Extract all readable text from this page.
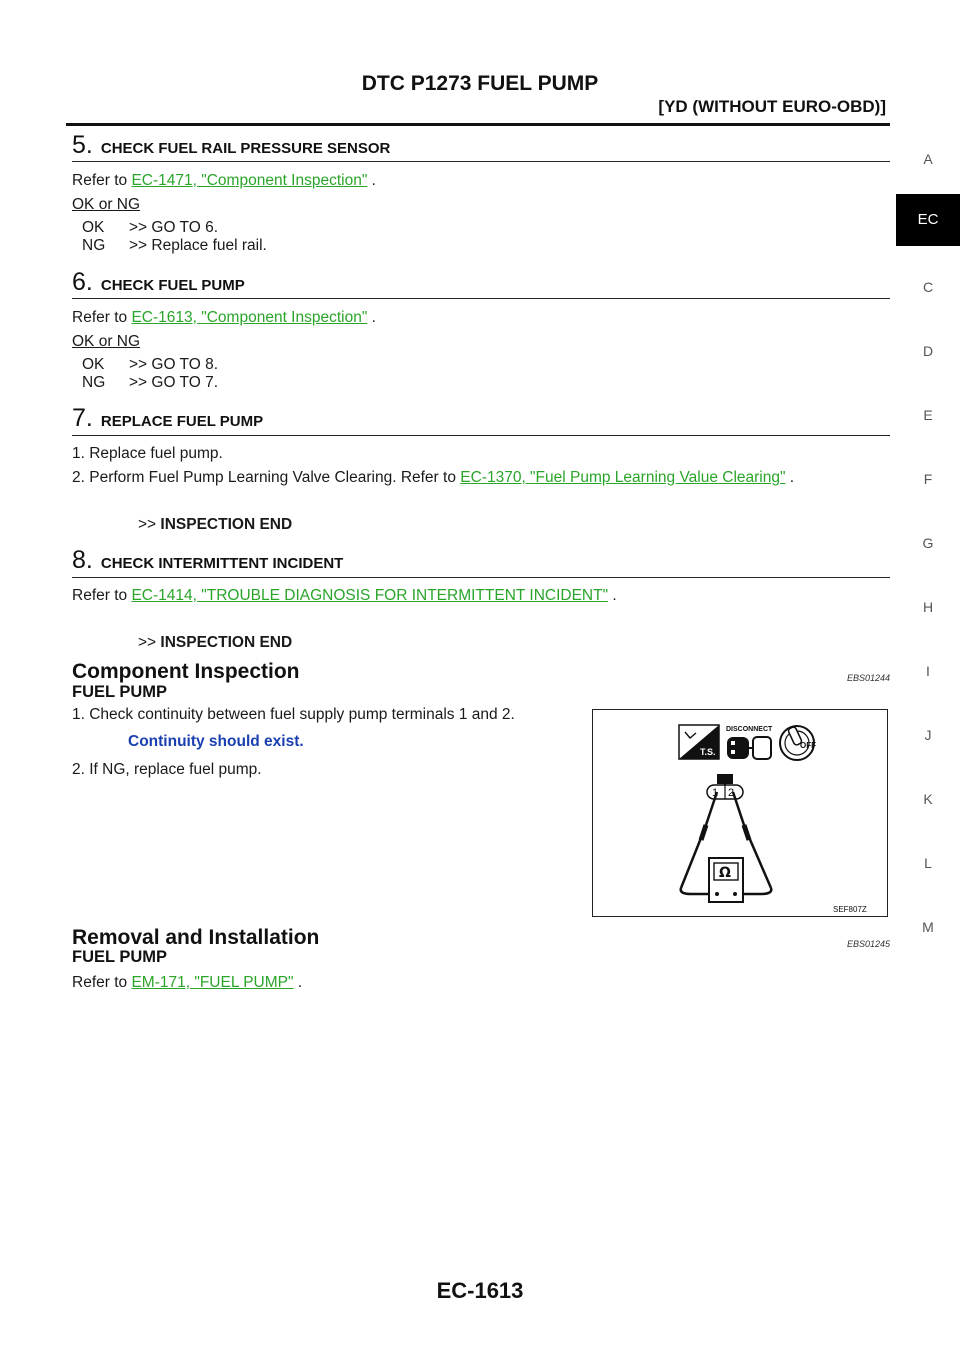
DTC P1273 FUEL PUMP
[YD (WITHOUT EURO-OBD)]
A
EC
C
D
E
F
G
H
I
J
K
L
M
5. CHECK FUEL RAIL PRESSURE SENSOR
Refer to EC-1471, "Component Inspection" .
OK or NG
OK >> GO TO 6.
NG >> Replace fuel rail.
6. CHECK FUEL PUMP
Refer to EC-1613, "Component Inspection" .
OK or NG
OK >> GO TO 8.
NG >> GO TO 7.
7. REPLACE FUEL PUMP
1. Replace fuel pump.
2. Perform Fuel Pump Learning Valve Clearing. Refer to EC-1370, "Fuel Pump Learning Value Clearing" .
>> INSPECTION END
8. CHECK INTERMITTENT INCIDENT
Refer to EC-1414, "TROUBLE DIAGNOSIS FOR INTERMITTENT INCIDENT" .
>> INSPECTION END
Component Inspection	EBS01244
FUEL PUMP
1. Check continuity between fuel supply pump terminals 1 and 2.
Continuity should exist.
2. If NG, replace fuel pump.
T.S.
DISCONNECT
OFF
1 2
Ω
SEF807Z
Removal and Installation	EBS01245
FUEL PUMP
Refer to EM-171, "FUEL PUMP" .
EC-1613
